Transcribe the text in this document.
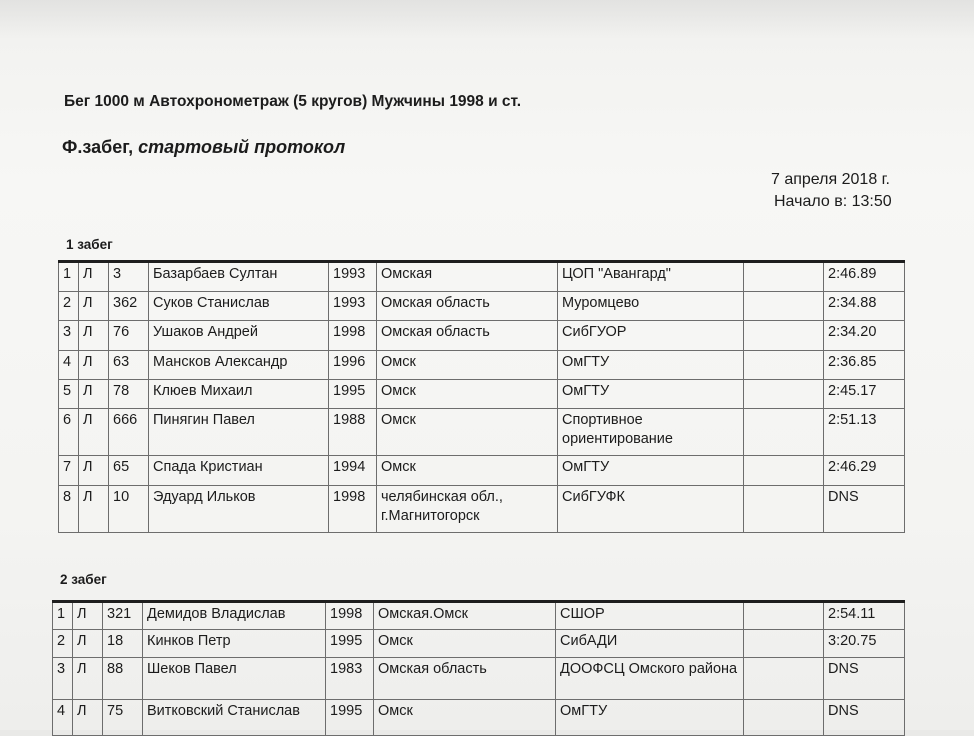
Бег 1000 м Автохронометраж (5 кругов) Мужчины 1998 и ст.
Ф.забег, стартовый протокол
7 апреля 2018 г.
Начало в: 13:50
1 забег
1	Л	3	Базарбаев Султан	1993	Омская	ЦОП "Авангард"		2:46.89
2	Л	362	Суков Станислав	1993	Омская область	Муромцево		2:34.88
3	Л	76	Ушаков Андрей	1998	Омская область	СибГУОР		2:34.20
4	Л	63	Мансков Александр	1996	Омск	ОмГТУ		2:36.85
5	Л	78	Клюев Михаил	1995	Омск	ОмГТУ		2:45.17
6	Л	666	Пинягин Павел	1988	Омск	Спортивное ориентирование		2:51.13
7	Л	65	Спада Кристиан	1994	Омск	ОмГТУ		2:46.29
8	Л	10	Эдуард Ильков	1998	челябинская обл., г.Магнитогорск	СибГУФК		DNS
2 забег
1	Л	321	Демидов Владислав	1998	Омская.Омск	СШОР		2:54.11
2	Л	18	Кинков Петр	1995	Омск	СибАДИ		3:20.75
3	Л	88	Шеков Павел	1983	Омская область	ДООФСЦ Омского района		DNS
4	Л	75	Витковский Станислав	1995	Омск	ОмГТУ		DNS
